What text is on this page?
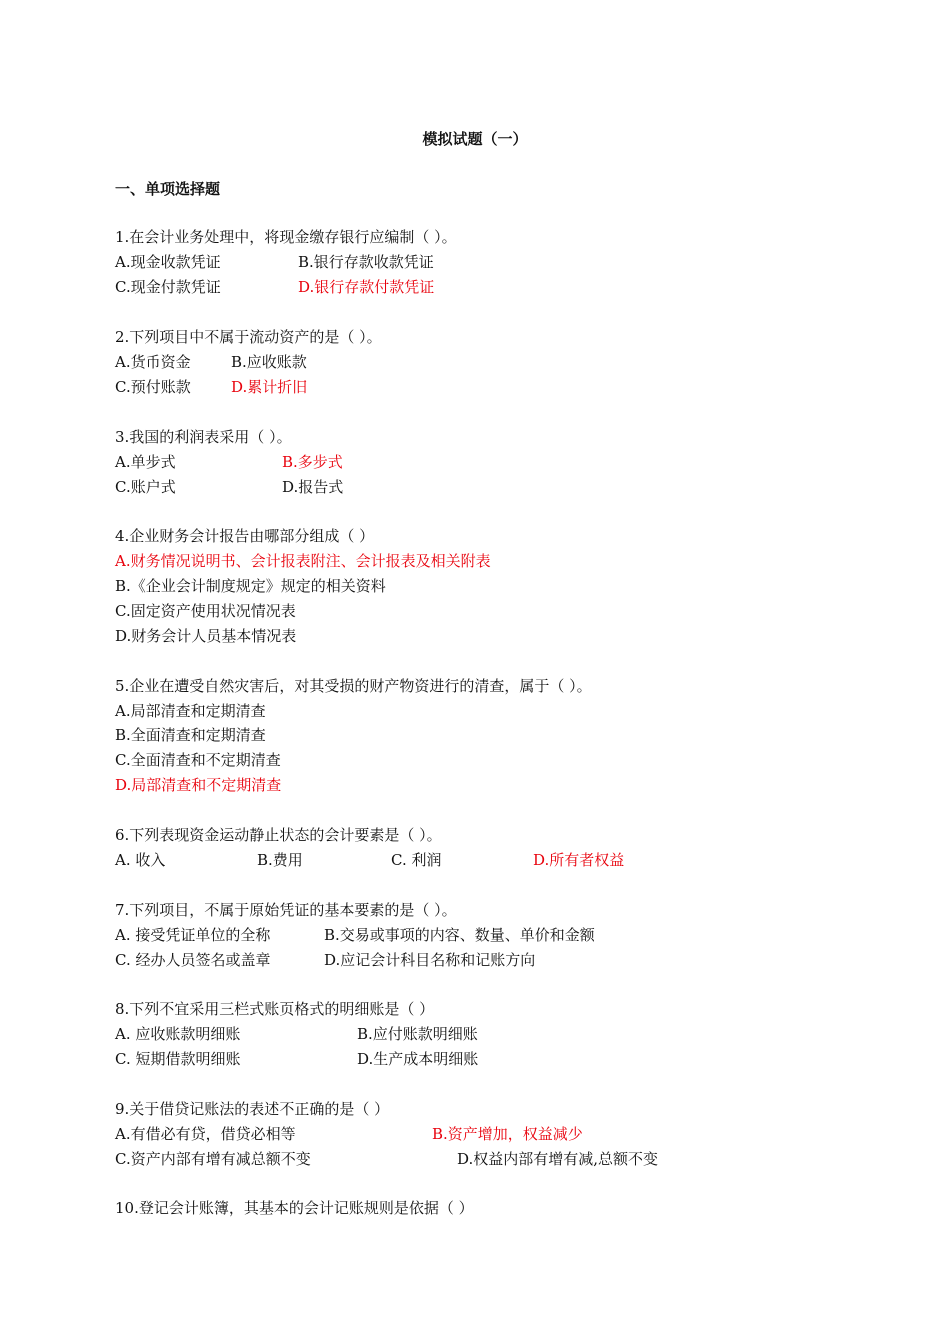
模拟试题（一）
一、单项选择题
1.在会计业务处理中，将现金缴存银行应编制（ ）。
A.现金收款凭证	B.银行存款收款凭证
C.现金付款凭证	D.银行存款付款凭证
2.下列项目中不属于流动资产的是（ ）。
A.货币资金	B.应收账款
C.预付账款	D.累计折旧
3.我国的利润表采用（ ）。
A.单步式	B.多步式
C.账户式	D.报告式
4.企业财务会计报告由哪部分组成（ ）
A.财务情况说明书、会计报表附注、会计报表及相关附表
B.《企业会计制度规定》规定的相关资料
C.固定资产使用状况情况表
D.财务会计人员基本情况表
5.企业在遭受自然灾害后，对其受损的财产物资进行的清查，属于（ ）。
A.局部清查和定期清查
B.全面清查和定期清查
C.全面清查和不定期清查
D.局部清查和不定期清查
6.下列表现资金运动静止状态的会计要素是（ ）。
A. 收入	B.费用	C. 利润	D.所有者权益
7.下列项目，不属于原始凭证的基本要素的是（ ）。
A. 接受凭证单位的全称	B.交易或事项的内容、数量、单价和金额
C. 经办人员签名或盖章	D.应记会计科目名称和记账方向
8.下列不宜采用三栏式账页格式的明细账是（ ）
A. 应收账款明细账	B.应付账款明细账
C. 短期借款明细账	D.生产成本明细账
9.关于借贷记账法的表述不正确的是（ ）
A.有借必有贷，借贷必相等	B.资产增加，权益减少
C.资产内部有增有减总额不变	D.权益内部有增有减,总额不变
10.登记会计账簿，其基本的会计记账规则是依据（ ）
